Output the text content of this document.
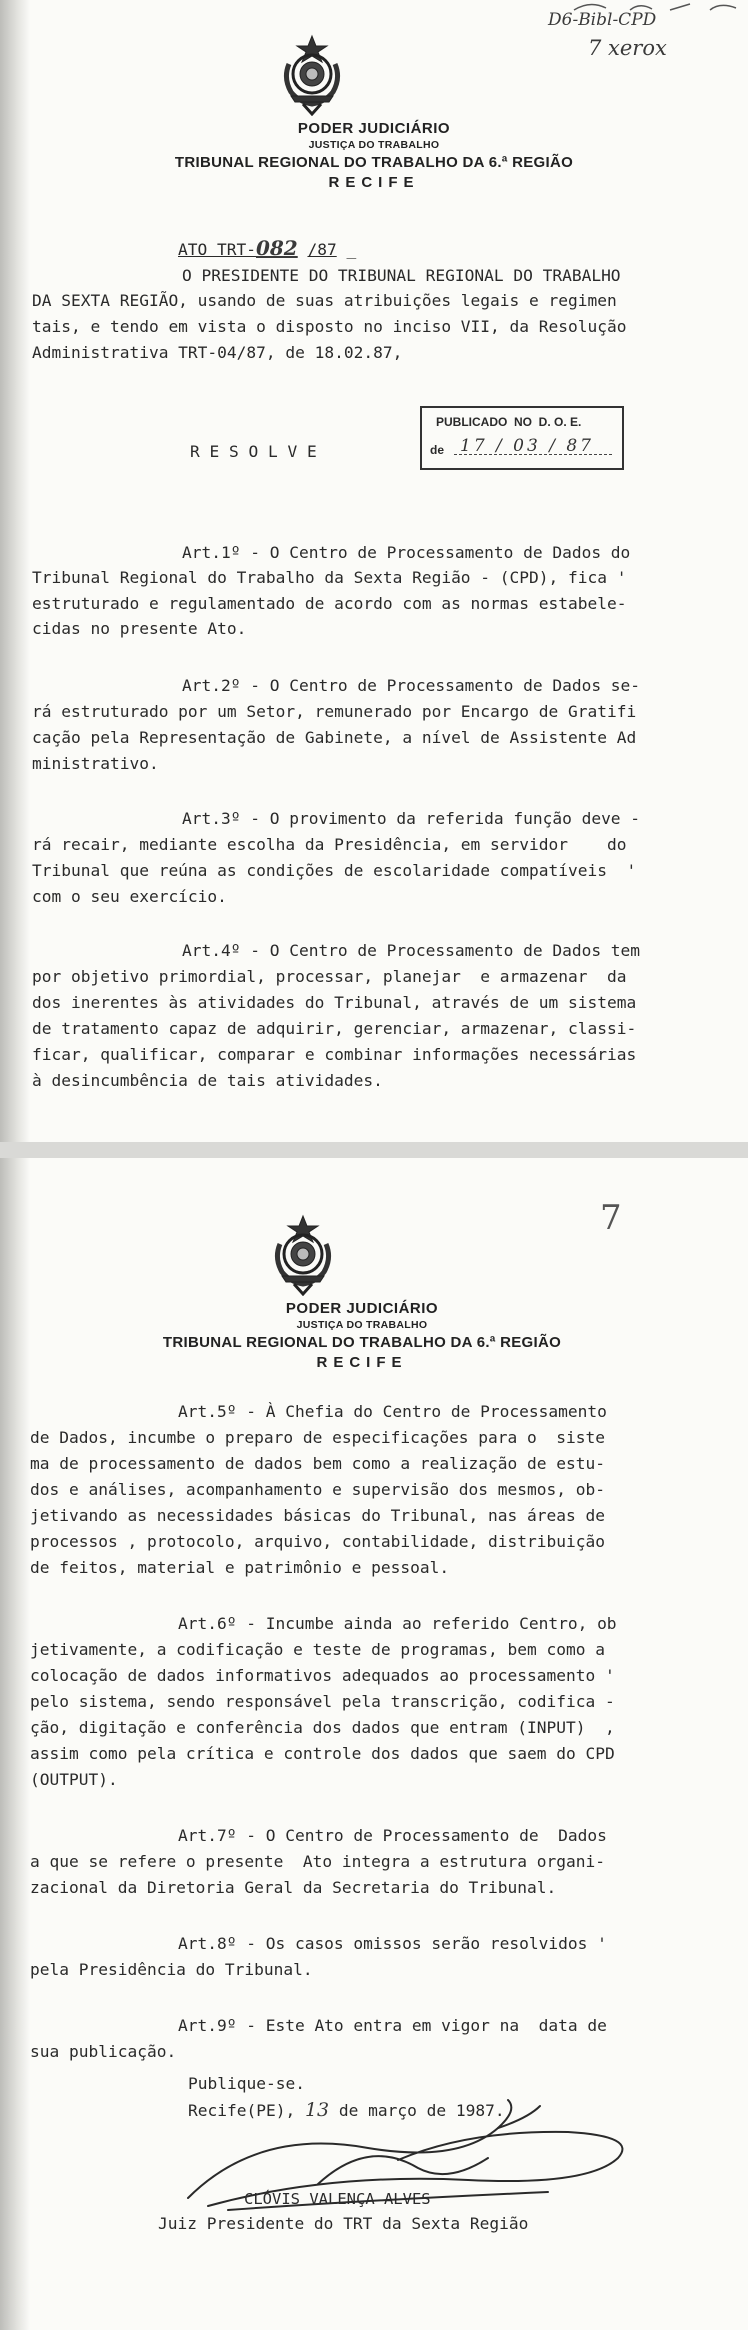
D6-Bibl-CPD
7 xerox
PODER JUDICIÁRIO
JUSTIÇA DO TRABALHO
TRIBUNAL REGIONAL DO TRABALHO DA 6.ª REGIÃO
RECIFE
ATO TRT-082 /87 _
O PRESIDENTE DO TRIBUNAL REGIONAL DO TRABALHO
DA SEXTA REGIÃO, usando de suas atribuições legais e regimen
tais, e tendo em vista o disposto no inciso VII, da Resolução
Administrativa TRT-04/87, de 18.02.87,
PUBLICADO  NO  D. O. E.
de 17 / 03 / 87
R E S O L V E
Art.1º - O Centro de Processamento de Dados do
Tribunal Regional do Trabalho da Sexta Região - (CPD), fica '
estruturado e regulamentado de acordo com as normas estabele-
cidas no presente Ato.
Art.2º - O Centro de Processamento de Dados se-
rá estruturado por um Setor, remunerado por Encargo de Gratifi
cação pela Representação de Gabinete, a nível de Assistente Ad
ministrativo.
Art.3º - O provimento da referida função deve -
rá recair, mediante escolha da Presidência, em servidor    do
Tribunal que reúna as condições de escolaridade compatíveis  '
com o seu exercício.
Art.4º - O Centro de Processamento de Dados tem
por objetivo primordial, processar, planejar  e armazenar  da
dos inerentes às atividades do Tribunal, através de um sistema
de tratamento capaz de adquirir, gerenciar, armazenar, classi-
ficar, qualificar, comparar e combinar informações necessárias
à desincumbência de tais atividades.
7
PODER JUDICIÁRIO
JUSTIÇA DO TRABALHO
TRIBUNAL REGIONAL DO TRABALHO DA 6.ª REGIÃO
RECIFE
Art.5º - À Chefia do Centro de Processamento
de Dados, incumbe o preparo de especificações para o  siste
ma de processamento de dados bem como a realização de estu-
dos e análises, acompanhamento e supervisão dos mesmos, ob-
jetivando as necessidades básicas do Tribunal, nas áreas de
processos , protocolo, arquivo, contabilidade, distribuição
de feitos, material e patrimônio e pessoal.
Art.6º - Incumbe ainda ao referido Centro, ob
jetivamente, a codificação e teste de programas, bem como a
colocação de dados informativos adequados ao processamento '
pelo sistema, sendo responsável pela transcrição, codifica -
ção, digitação e conferência dos dados que entram (INPUT)  ,
assim como pela crítica e controle dos dados que saem do CPD
(OUTPUT).
Art.7º - O Centro de Processamento de  Dados
a que se refere o presente  Ato integra a estrutura organi-
zacional da Diretoria Geral da Secretaria do Tribunal.
Art.8º - Os casos omissos serão resolvidos '
pela Presidência do Tribunal.
Art.9º - Este Ato entra em vigor na  data de
sua publicação.
Publique-se.
Recife(PE), 13 de março de 1987.
CLÓVIS VALENÇA ALVES
Juiz Presidente do TRT da Sexta Região
